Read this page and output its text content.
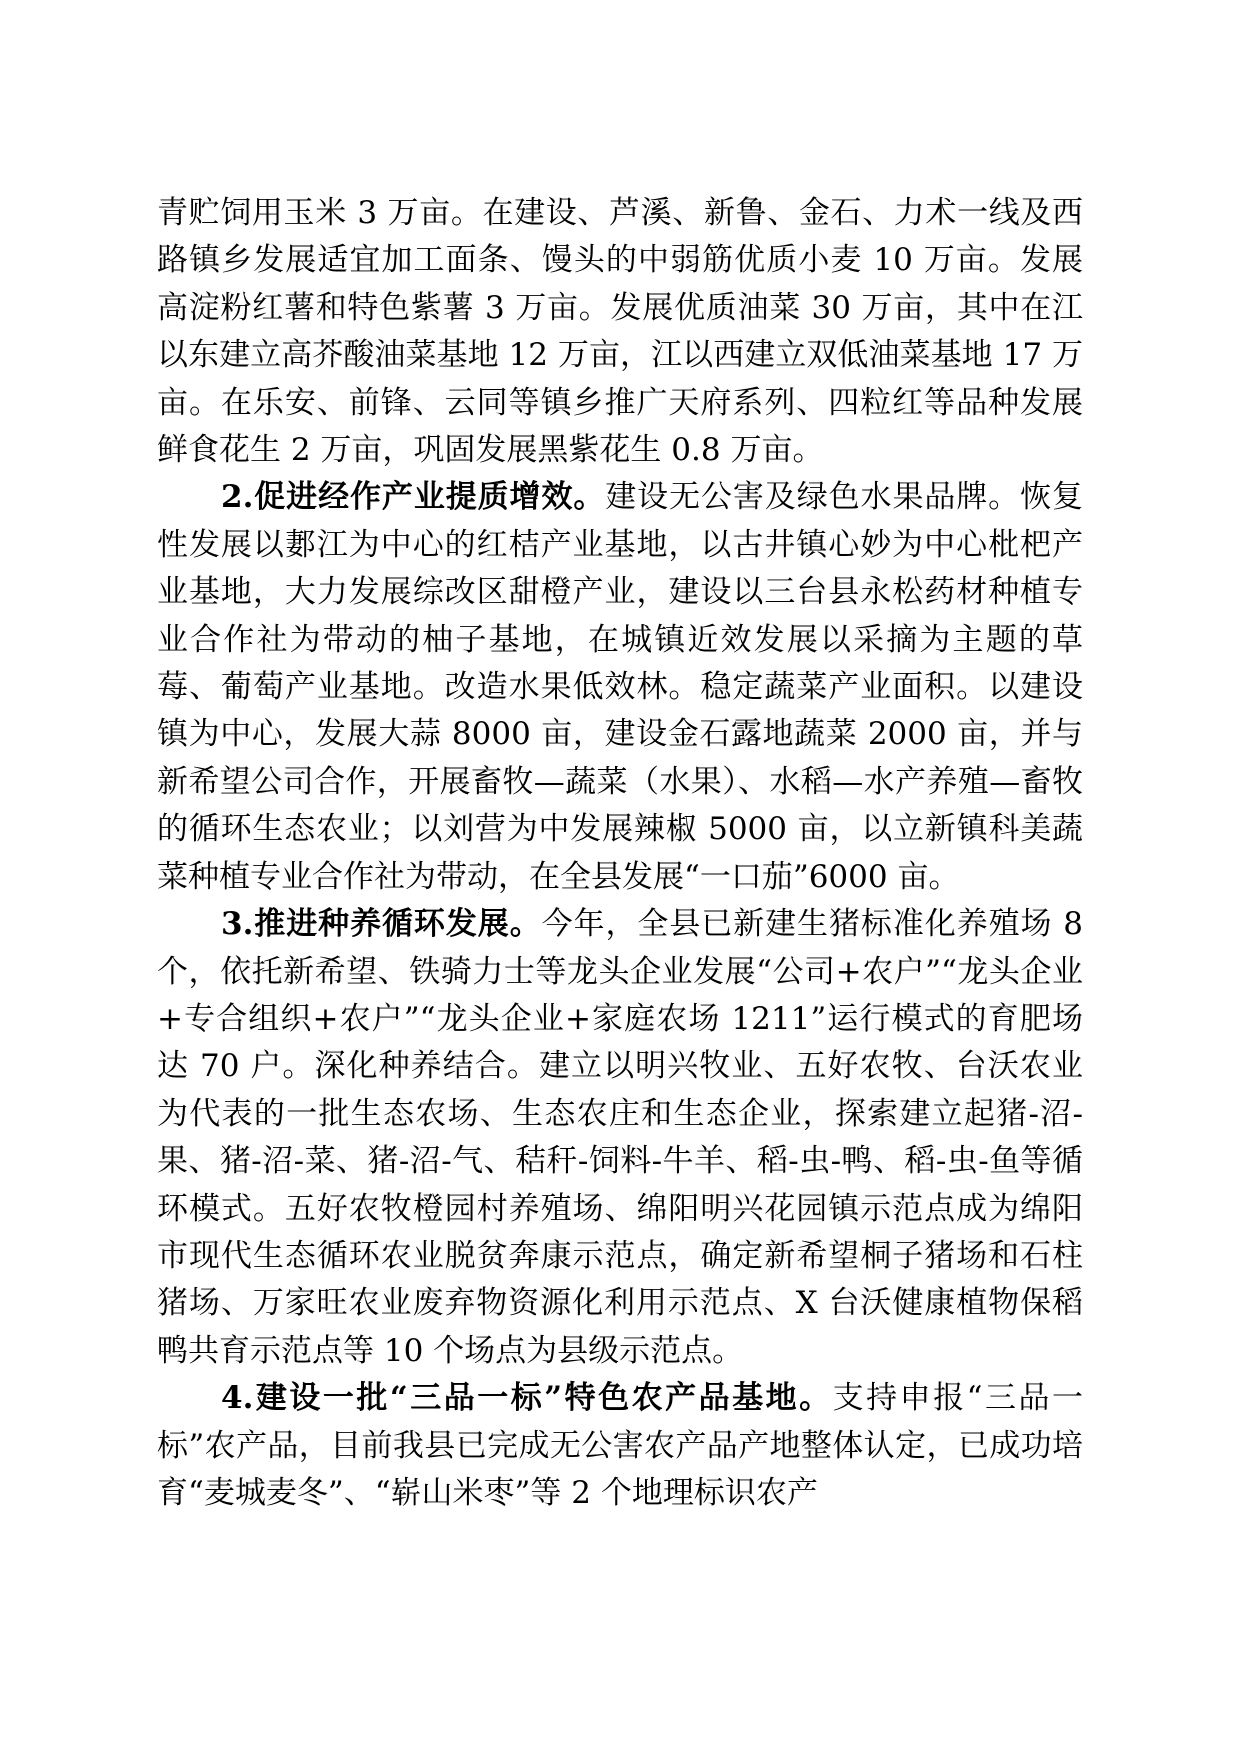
青贮饲用玉米 3 万亩。在建设、芦溪、新鲁、金石、力术一线及西路镇乡发展适宜加工面条、馒头的中弱筋优质小麦 10 万亩。发展高淀粉红薯和特色紫薯 3 万亩。发展优质油菜 30 万亩，其中在江以东建立高芥酸油菜基地 12 万亩，江以西建立双低油菜基地 17 万亩。在乐安、前锋、云同等镇乡推广天府系列、四粒红等品种发展鲜食花生 2 万亩，巩固发展黑紫花生 0.8 万亩。

2.促进经作产业提质增效。建设无公害及绿色水果品牌。恢复性发展以郪江为中心的红桔产业基地，以古井镇心妙为中心枇杷产业基地，大力发展综改区甜橙产业，建设以三台县永松药材种植专业合作社为带动的柚子基地，在城镇近效发展以采摘为主题的草莓、葡萄产业基地。改造水果低效林。稳定蔬菜产业面积。以建设镇为中心，发展大蒜 8000 亩，建设金石露地蔬菜 2000 亩，并与新希望公司合作，开展畜牧—蔬菜（水果）、水稻—水产养殖—畜牧的循环生态农业；以刘营为中发展辣椒 5000 亩，以立新镇科美蔬菜种植专业合作社为带动，在全县发展“一口茄”6000 亩。

3.推进种养循环发展。今年，全县已新建生猪标准化养殖场 8 个，依托新希望、铁骑力士等龙头企业发展“公司+农户”“龙头企业+专合组织+农户”“龙头企业+家庭农场 1211”运行模式的育肥场达 70 户。深化种养结合。建立以明兴牧业、五好农牧、台沃农业为代表的一批生态农场、生态农庄和生态企业，探索建立起猪-沼-果、猪-沼-菜、猪-沼-气、秸秆-饲料-牛羊、稻-虫-鸭、稻-虫-鱼等循环模式。五好农牧橙园村养殖场、绵阳明兴花园镇示范点成为绵阳市现代生态循环农业脱贫奔康示范点，确定新希望桐子猪场和石柱猪场、万家旺农业废弃物资源化利用示范点、X 台沃健康植物保稻鸭共育示范点等 10 个场点为县级示范点。

4.建设一批“三品一标”特色农产品基地。支持申报“三品一标”农产品，目前我县已完成无公害农产品产地整体认定，已成功培育“麦城麦冬”、“崭山米枣”等 2 个地理标识农产
